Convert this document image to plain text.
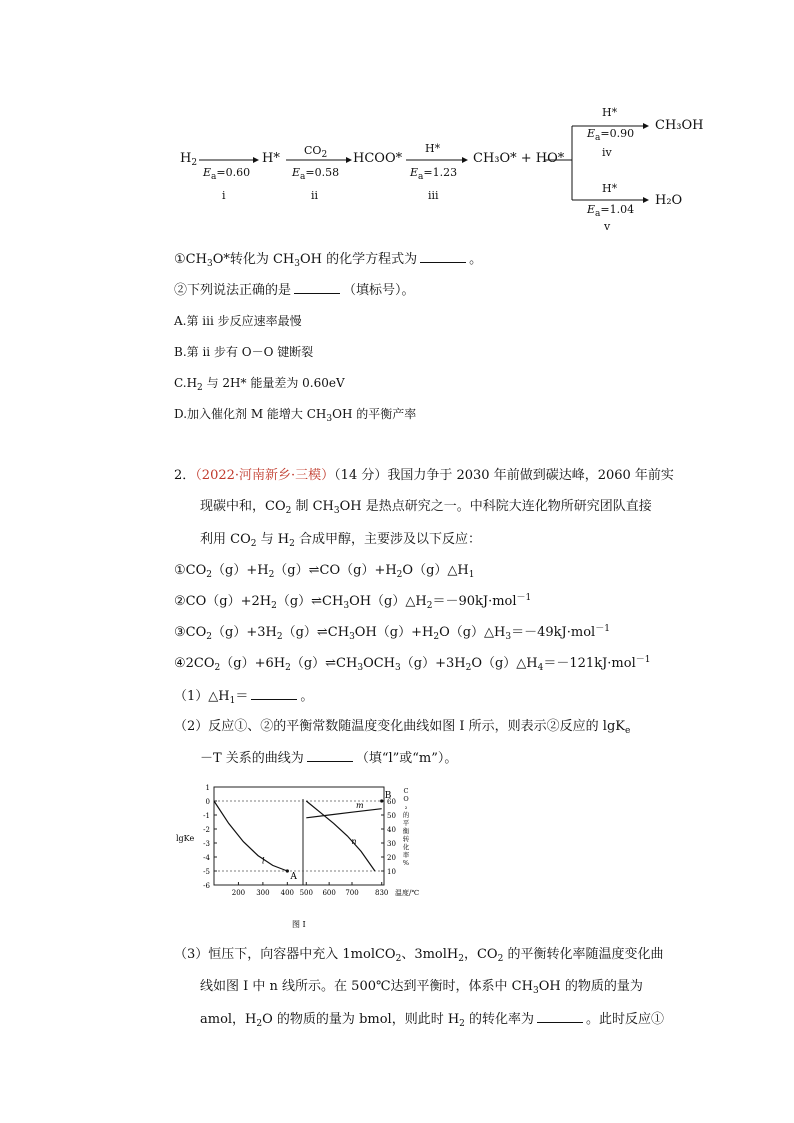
$H_2$
$E_a=0.60$
i
H*
$CO_2$
$E_a=0.58$
ii
HCOO*
H*
$E_a=1.23$
iii
CH₃O* + HO*
H*
$E_a=0.90$
iv
CH₃OH
H*
$E_a=1.04$
v
H₂O
$①CH_3O*$转化为 $CH_3OH$ 的化学方程式为	。
②下列说法正确的是	（填标号）。
A.第 iii 步反应速率最慢
B.第 ii 步有 O－O 键断裂
$C.H_2$ 与 2H* 能量差为 0.60eV
D.加入催化剂 M 能增大 $CH_3OH$ 的平衡产率
2．（2022·河南新乡·三模）（14 分）我国力争于 2030 年前做到碳达峰，2060 年前实
现碳中和，$CO_2$ 制 $CH_3OH$ 是热点研究之一。中科院大连化物所研究团队直接
利用 $CO_2$ 与 $H_2$ 合成甲醇，主要涉及以下反应：
$①CO_2(g)+H_2(g)\rightleftharpoons CO(g)+H_2O(g)\triangle H_1$
$②CO(g)+2H_2(g)\rightleftharpoons CH_3OH(g)\triangle H_2=-90kJ\cdot mol^{-1}$
$③CO_2(g)+3H_2(g)\rightleftharpoons CH_3OH(g)+H_2O(g)\triangle H_3=-49kJ\cdot mol^{-1}$
$④2CO_2(g)+6H_2(g)\rightleftharpoons CH_3OCH_3(g)+3H_2O(g)\triangle H_4=-121kJ\cdot mol^{-1}$
$(1)\triangle H_1=$	。
（2）反应①、②的平衡常数随温度变化曲线如图 I 所示，则表示②反应的 lgK$_e$
－T 关系的曲线为	（填“l”或“m”）。
1
0
-1
-2
-3
-4
-5
-6
60
50
40
30
20
10
200 300 400 500 600 700 830
l
m
n
A
B
lgKe
温度/℃
图 I
C
O
₂
的
平
衡
转
化
率
%
（3）恒压下，向容器中充入 1molCO$_2$、3molH$_2$，$CO_2$ 的平衡转化率随温度变化曲
线如图 I 中 n 线所示。在 500℃达到平衡时，体系中 $CH_3OH$ 的物质的量为
amol，$H_2O$ 的物质的量为 bmol，则此时 $H_2$ 的转化率为	。此时反应①
